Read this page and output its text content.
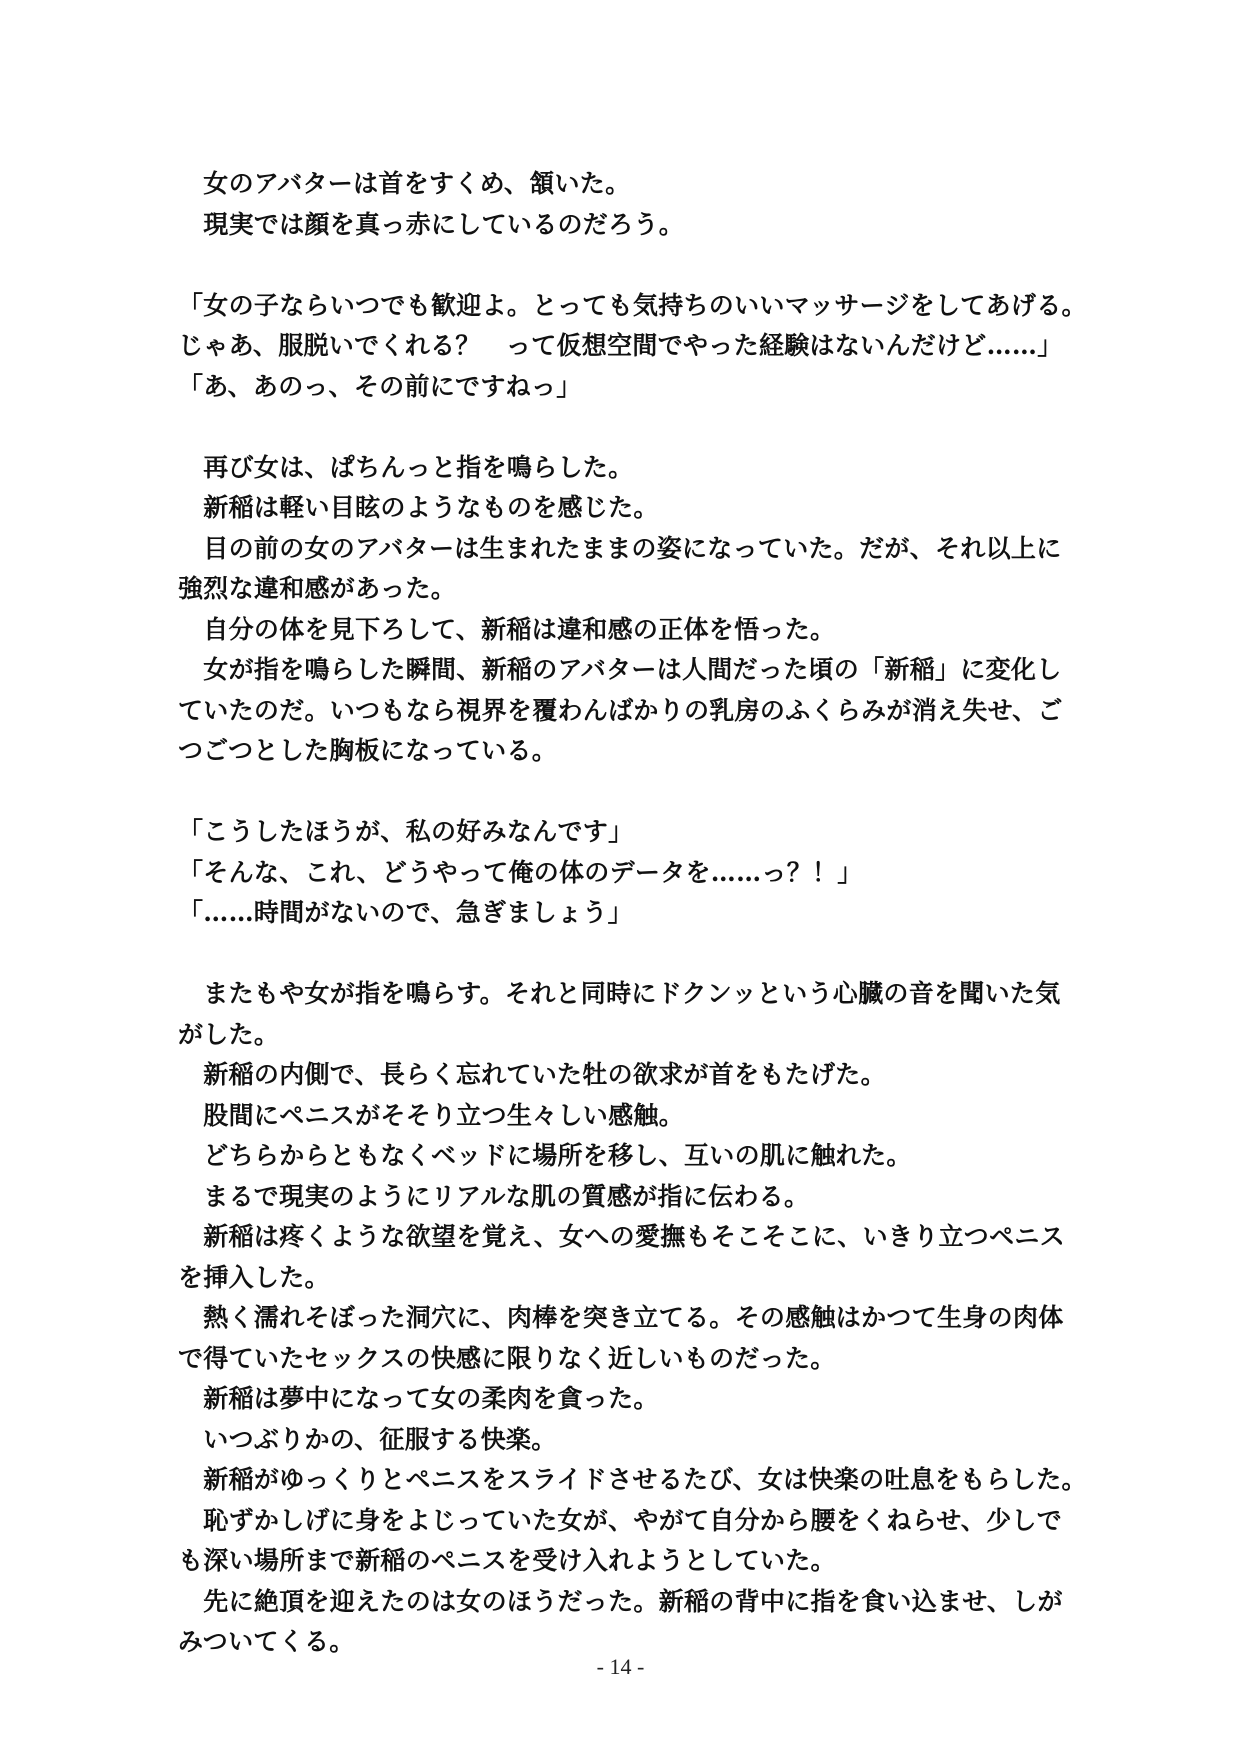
　女のアバターは首をすくめ、頷いた。
　現実では顔を真っ赤にしているのだろう。
「女の子ならいつでも歓迎よ。とっても気持ちのいいマッサージをしてあげる。
じゃあ、服脱いでくれる？　って仮想空間でやった経験はないんだけど……」
「あ、あのっ、その前にですねっ」
　再び女は、ぱちんっと指を鳴らした。
　新稲は軽い目眩のようなものを感じた。
　目の前の女のアバターは生まれたままの姿になっていた。だが、それ以上に
強烈な違和感があった。
　自分の体を見下ろして、新稲は違和感の正体を悟った。
　女が指を鳴らした瞬間、新稲のアバターは人間だった頃の「新稲」に変化し
ていたのだ。いつもなら視界を覆わんばかりの乳房のふくらみが消え失せ、ご
つごつとした胸板になっている。
「こうしたほうが、私の好みなんです」
「そんな、これ、どうやって俺の体のデータを……っ？！」
「……時間がないので、急ぎましょう」
　またもや女が指を鳴らす。それと同時にドクンッという心臓の音を聞いた気
がした。
　新稲の内側で、長らく忘れていた牡の欲求が首をもたげた。
　股間にペニスがそそり立つ生々しい感触。
　どちらからともなくベッドに場所を移し、互いの肌に触れた。
　まるで現実のようにリアルな肌の質感が指に伝わる。
　新稲は疼くような欲望を覚え、女への愛撫もそこそこに、いきり立つペニス
を挿入した。
　熱く濡れそぼった洞穴に、肉棒を突き立てる。その感触はかつて生身の肉体
で得ていたセックスの快感に限りなく近しいものだった。
　新稲は夢中になって女の柔肉を貪った。
　いつぶりかの、征服する快楽。
　新稲がゆっくりとペニスをスライドさせるたび、女は快楽の吐息をもらした。
　恥ずかしげに身をよじっていた女が、やがて自分から腰をくねらせ、少しで
も深い場所まで新稲のペニスを受け入れようとしていた。
　先に絶頂を迎えたのは女のほうだった。新稲の背中に指を食い込ませ、しが
みついてくる。
- 14 -
